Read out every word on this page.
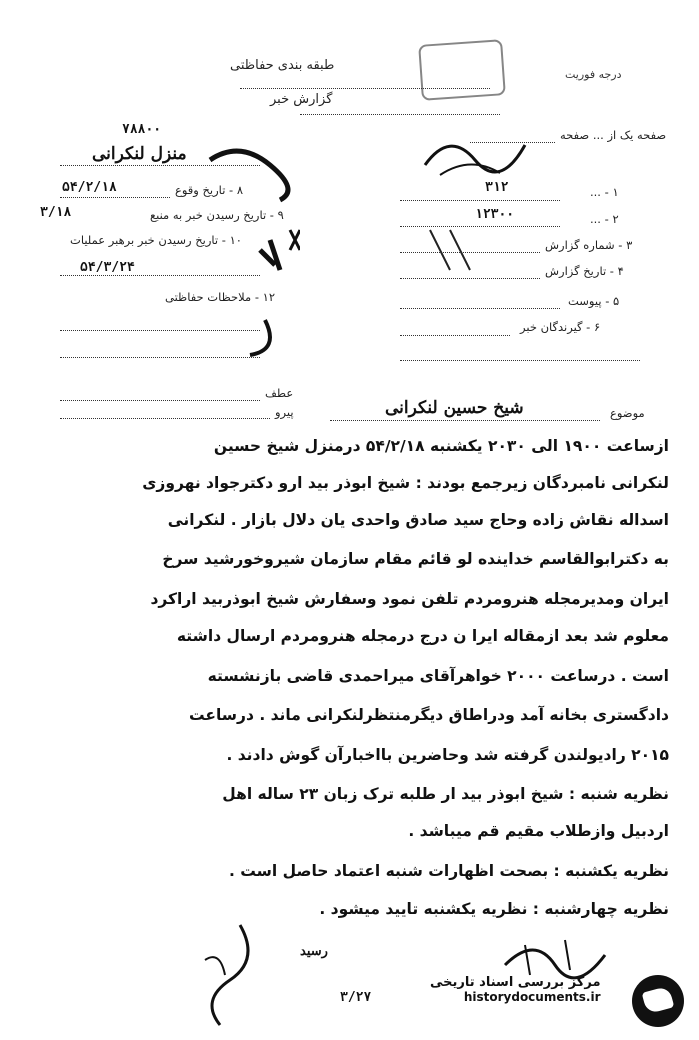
طبقه بندی حفاظتی
گزارش خبر
درجه فوریت
۷۸۸۰۰
منزل لنکرانی
۸ - تاریخ وقوع
۵۴/۲/۱۸
۹ - تاریخ رسیدن خبر به منبع
۳/۱۸
۱۰ - تاریخ رسیدن خبر برهبر عملیات
۵۴/۳/۲۴
۱۲ - ملاحظات حفاظتی
صفحه یک از ... صفحه
۱ - ...
۳۱۲
۲ - ...
۱۲۳۰۰
۳ - شماره گزارش
۴ - تاریخ گزارش
۵ - پیوست
۶ - گیرندگان خبر
عطف
پیرو	موضوع
شیخ حسین لنکرانی
ازساعت ۱۹۰۰ الی ۲۰۳۰ یکشنبه ۵۴/۲/۱۸ درمنزل شیخ حسین
لنکرانی نامبردگان زیرجمع بودند : شیخ ابوذر بید ارو دکترجواد نهروزی
اسداله نقاش زاده وحاج سید صادق واحدی یان دلال بازار . لنکرانی
به دکترابوالقاسم خداینده لو قائم مقام سازمان شیروخورشید سرخ
ایران ومدیرمجله هنرومردم تلفن نمود وسفارش شیخ ابوذربید اراکرد
معلوم شد بعد ازمقاله ایرا ن درج درمجله هنرومردم ارسال داشته
است . درساعت ۲۰۰۰ خواهرآقای میراحمدی قاضی بازنشسته
دادگستری بخانه آمد ودراطاق دیگرمنتظرلنکرانی ماند . درساعت
۲۰۱۵ رادیولندن گرفته شد وحاضرین بااخبارآن گوش دادند .
نظریه شنبه : شیخ ابوذر بید ار طلبه ترک زبان ۲۳ ساله اهل
اردبیل وازطلاب مقیم قم میباشد .
نظریه یکشنبه : بصحت اظهارات شنبه اعتماد حاصل است .
نظریه چهارشنبه : نظریه یکشنبه تایید میشود .
رسید
۳/۲۷
مرکز بررسی اسناد تاریخی
historydocuments.ir
